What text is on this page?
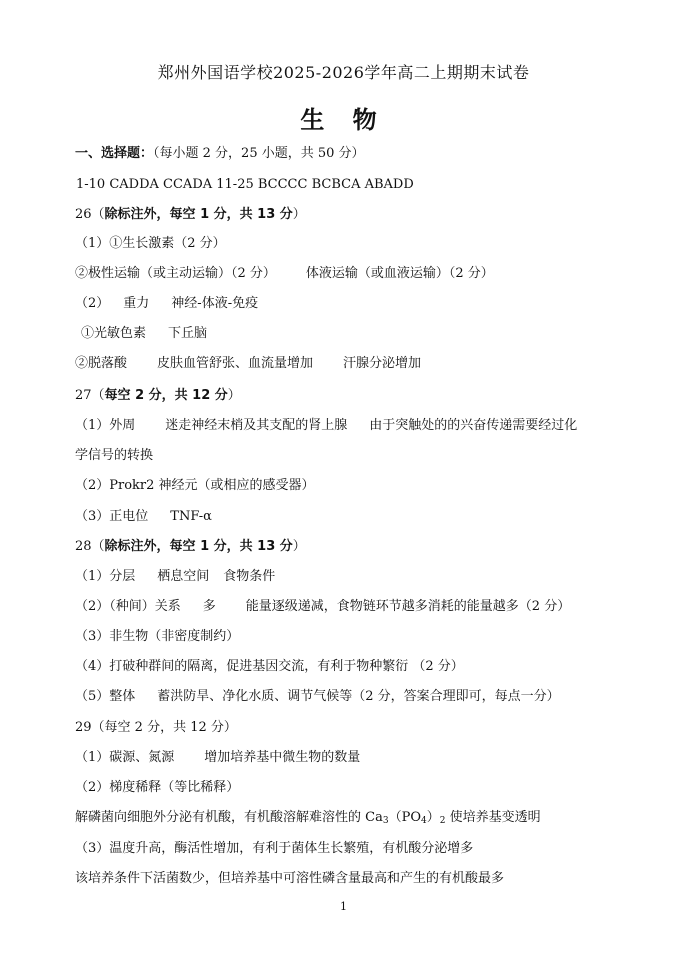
郑州外国语学校2025-2026学年高二上期期末试卷
生 物
一、选择题：（每小题 2 分，25 小题，共 50 分）
1-10 CADDA CCADA 11-25 BCCCC BCBCA ABADD
26（除标注外，每空 1 分，共 13 分）
（1）①生长激素（2 分）
②极性运输（或主动运输）（2 分） 体液运输（或血液运输）（2 分）
（2） 重力 神经-体液-免疫
①光敏色素 下丘脑
②脱落酸 皮肤血管舒张、血流量增加 汗腺分泌增加
27（每空 2 分，共 12 分）
（1）外周 迷走神经末梢及其支配的肾上腺 由于突触处的的兴奋传递需要经过化
学信号的转换
（2）Prokr2 神经元（或相应的感受器）
（3）正电位 TNF-α
28（除标注外，每空 1 分，共 13 分）
（1）分层 栖息空间 食物条件
（2）（种间）关系 多 能量逐级递减，食物链环节越多消耗的能量越多（2 分）
（3）非生物（非密度制约）
（4）打破种群间的隔离，促进基因交流，有利于物种繁衍 （2 分）
（5）整体 蓄洪防旱、净化水质、调节气候等（2 分，答案合理即可，每点一分）
29（每空 2 分，共 12 分）
（1）碳源、氮源 增加培养基中微生物的数量
（2）梯度稀释（等比稀释）
解磷菌向细胞外分泌有机酸，有机酸溶解难溶性的 $Ca_3(PO_4)_2$ 使培养基变透明
（3）温度升高，酶活性增加，有利于菌体生长繁殖，有机酸分泌增多
该培养条件下活菌数少，但培养基中可溶性磷含量最高和产生的有机酸最多
1
